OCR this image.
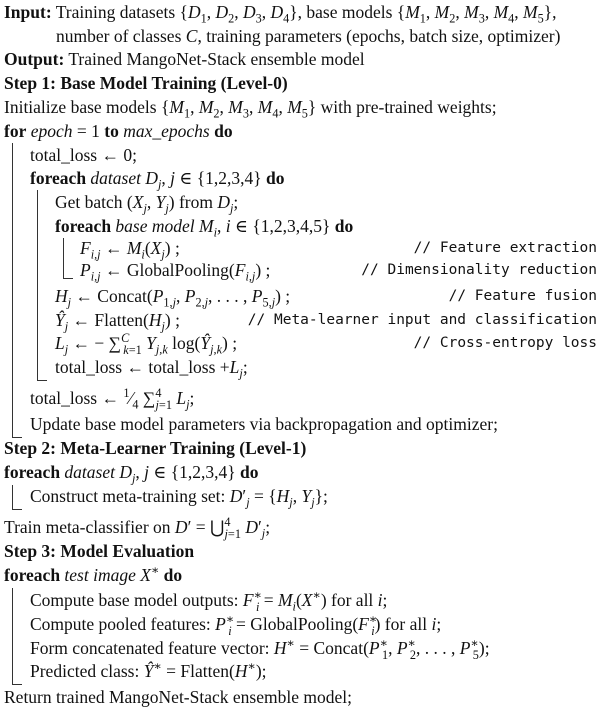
Input: Training datasets {$D_1$, $D_2$, $D_3$, $D_4$}, base models {$M_1$, $M_2$, $M_3$, $M_4$, $M_5$},
number of classes C, training parameters (epochs, batch size, optimizer)
Output: Trained MangoNet-Stack ensemble model
Step 1: Base Model Training (Level-0)
Initialize base models {$M_1$, $M_2$, $M_3$, $M_4$, $M_5$} with pre-trained weights;
for epoch = 1 to max_epochs do
total_loss ← 0;
foreach dataset $D_j$, j ∈ {1,2,3,4} do
Get batch ($X_j$, $Y_j$) from $D_j$;
foreach base model $M_i$, i ∈ {1,2,3,4,5} do
$F_{i,j}$ ← $M_i(X_j)$ ;	// Feature extraction
$P_{i,j}$ ← $GlobalPooling(F_{i,j})$ ;	// Dimensionality reduction
$H_j$ ← $Concat(P_{1,j}$, $P_{2,j}$, . . . , $P_{5,j}$) ;	// Feature fusion
$Ŷ_j$ ← $Flatten(H_j)$ ;	// Meta-learner input and classification
$L_j$ ← − ∑$^C_{k=1}$ $Y_{j,k}$ $\log(Ŷ_{j,k})$ ;	// Cross-entropy loss
total_loss ← total_loss $+L_j$;
total_loss ← $^1⁄_4$ ∑$^4_{j=1}$ $L_j$;
Update base model parameters via backpropagation and optimizer;
Step 2: Meta-Learner Training (Level-1)
foreach dataset $D_j$, j ∈ {1,2,3,4} do
Construct meta-training set: $D'_j = \{H_j$, $Y_j$};
Train meta-classifier on D′ = ⋃$^4_{j=1}$ $D'_j$;
Step 3: Model Evaluation
foreach test image X∗ do
Compute base model outputs: $F^∗_i = M_i(X^∗)$ for all i;
Compute pooled features: $P^∗_i$ = $GlobalPooling(F^∗_i)$ for all i;
Form concatenated feature vector: $H^∗ = Concat(P^∗_1$, $P^∗_2$, . . . , $P^∗_5$);
Predicted class: Ŷ∗ = Flatten(H∗);
Return trained MangoNet-Stack ensemble model;
